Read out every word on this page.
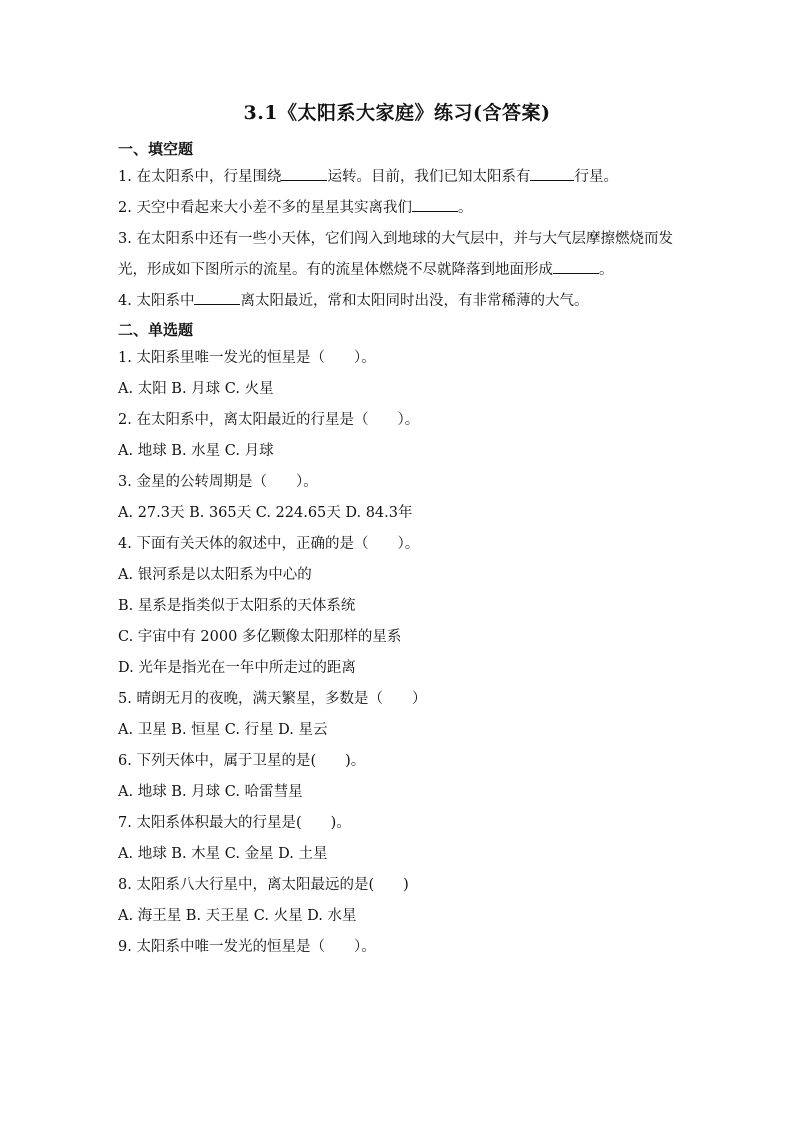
3.1《太阳系大家庭》练习(含答案)
一、填空题
1. 在太阳系中，行星围绕	运转。目前，我们已知太阳系有	行星。
2. 天空中看起来大小差不多的星星其实离我们	。
3. 在太阳系中还有一些小天体，它们闯入到地球的大气层中，并与大气层摩擦燃烧而发光，形成如下图所示的流星。有的流星体燃烧不尽就降落到地面形成	。
4. 太阳系中	离太阳最近，常和太阳同时出没，有非常稀薄的大气。
二、单选题
1. 太阳系里唯一发光的恒星是（　　）。
A. 太阳 B. 月球 C. 火星
2. 在太阳系中，离太阳最近的行星是（　　）。
A. 地球 B. 水星 C. 月球
3. 金星的公转周期是（　　）。
A. 27.3天 B. 365天 C. 224.65天 D. 84.3年
4. 下面有关天体的叙述中，正确的是（　　）。
A. 银河系是以太阳系为中心的
B. 星系是指类似于太阳系的天体系统
C. 宇宙中有 2000 多亿颗像太阳那样的星系
D. 光年是指光在一年中所走过的距离
5. 晴朗无月的夜晚，满天繁星，多数是（　　）
A. 卫星 B. 恒星 C. 行星 D. 星云
6. 下列天体中，属于卫星的是(　　)。
A. 地球 B. 月球 C. 哈雷彗星
7. 太阳系体积最大的行星是(　　)。
A. 地球 B. 木星 C. 金星 D. 土星
8. 太阳系八大行星中，离太阳最远的是(　　)
A. 海王星 B. 天王星 C. 火星 D. 水星
9. 太阳系中唯一发光的恒星是（　　）。
